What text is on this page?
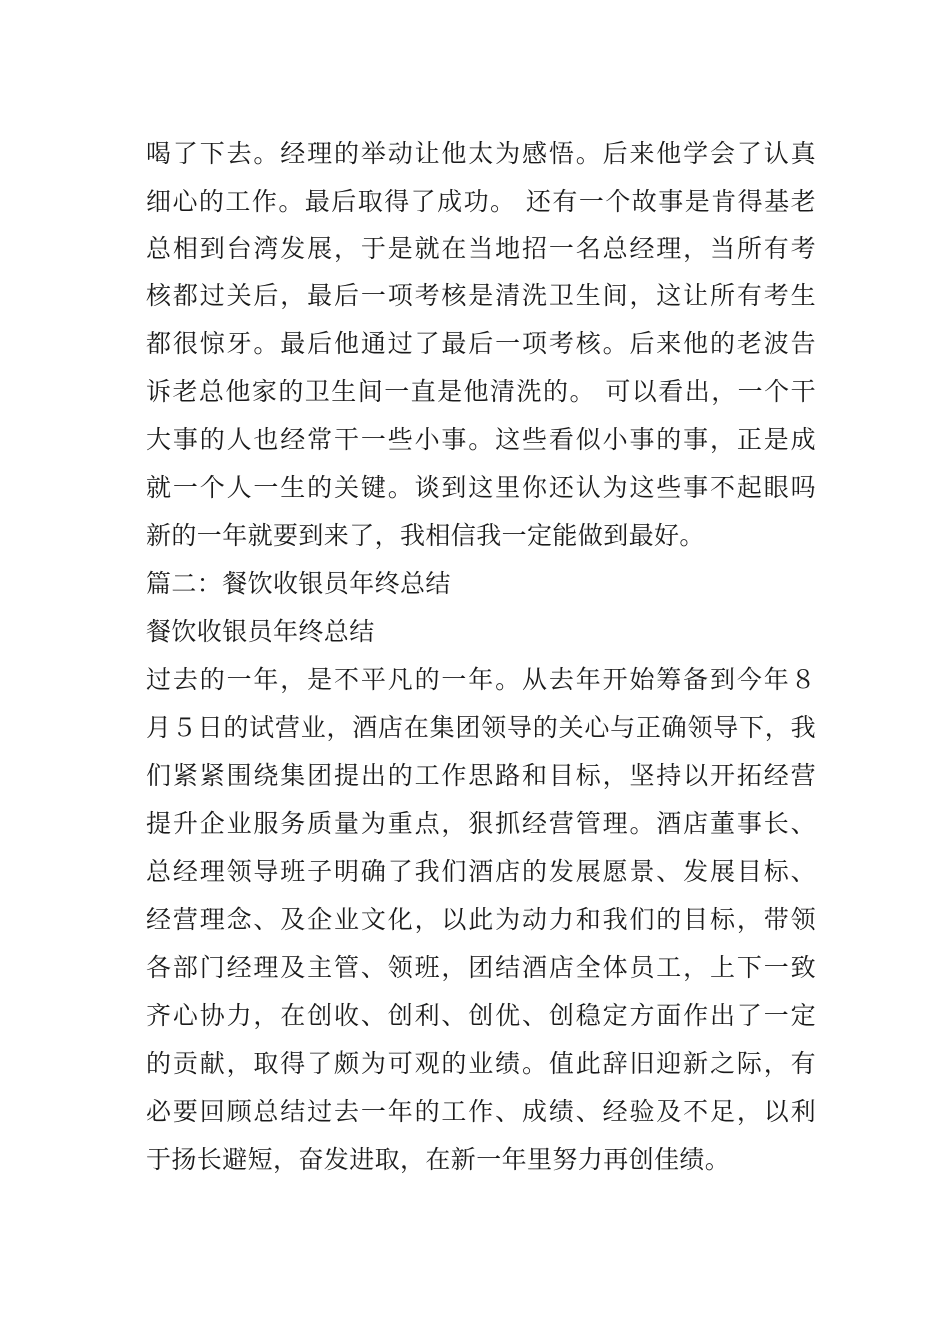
喝了下去。经理的举动让他太为感悟。后来他学会了认真
细心的工作。最后取得了成功。 还有一个故事是肯得基老
总相到台湾发展，于是就在当地招一名总经理，当所有考
核都过关后，最后一项考核是清洗卫生间，这让所有考生
都很惊牙。最后他通过了最后一项考核。后来他的老波告
诉老总他家的卫生间一直是他清洗的。 可以看出，一个干
大事的人也经常干一些小事。这些看似小事的事，正是成
就一个人一生的关键。谈到这里你还认为这些事不起眼吗
新的一年就要到来了，我相信我一定能做到最好。
篇二：餐饮收银员年终总结
餐饮收银员年终总结
过去的一年，是不平凡的一年。从去年开始筹备到今年８
月５日的试营业，酒店在集团领导的关心与正确领导下，我
们紧紧围绕集团提出的工作思路和目标，坚持以开拓经营
提升企业服务质量为重点，狠抓经营管理。酒店董事长、
总经理领导班子明确了我们酒店的发展愿景、发展目标、
经营理念、及企业文化，以此为动力和我们的目标，带领
各部门经理及主管、领班，团结酒店全体员工，上下一致
齐心协力，在创收、创利、创优、创稳定方面作出了一定
的贡献，取得了颇为可观的业绩。值此辞旧迎新之际，有
必要回顾总结过去一年的工作、成绩、经验及不足，以利
于扬长避短，奋发进取，在新一年里努力再创佳绩。
